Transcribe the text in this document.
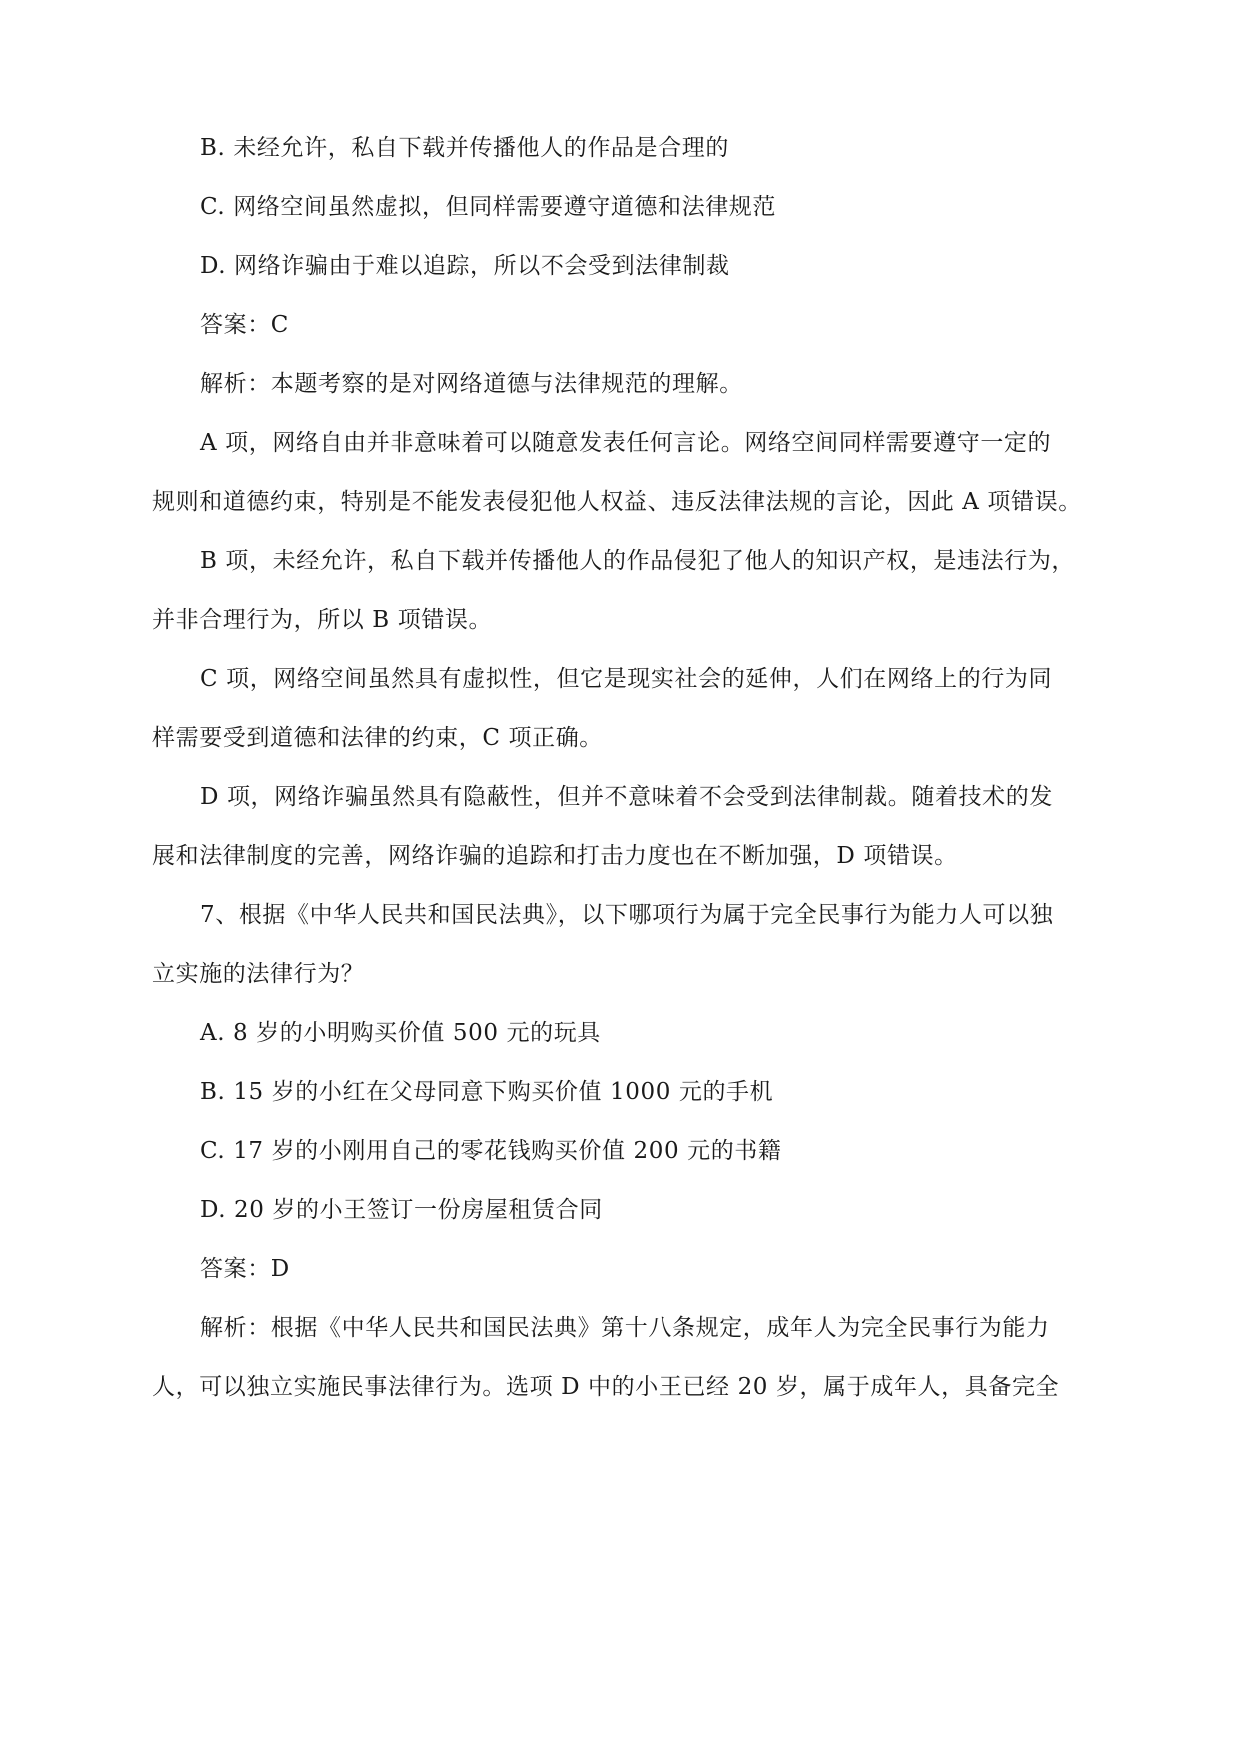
B. 未经允许，私自下载并传播他人的作品是合理的
C. 网络空间虽然虚拟，但同样需要遵守道德和法律规范
D. 网络诈骗由于难以追踪，所以不会受到法律制裁
答案：C
解析：本题考察的是对网络道德与法律规范的理解。
A 项，网络自由并非意味着可以随意发表任何言论。网络空间同样需要遵守一定的
规则和道德约束，特别是不能发表侵犯他人权益、违反法律法规的言论，因此 A 项错误。
B 项，未经允许，私自下载并传播他人的作品侵犯了他人的知识产权，是违法行为，
并非合理行为，所以 B 项错误。
C 项，网络空间虽然具有虚拟性，但它是现实社会的延伸，人们在网络上的行为同
样需要受到道德和法律的约束，C 项正确。
D 项，网络诈骗虽然具有隐蔽性，但并不意味着不会受到法律制裁。随着技术的发
展和法律制度的完善，网络诈骗的追踪和打击力度也在不断加强，D 项错误。
7、根据《中华人民共和国民法典》，以下哪项行为属于完全民事行为能力人可以独
立实施的法律行为？
A. 8 岁的小明购买价值 500 元的玩具
B. 15 岁的小红在父母同意下购买价值 1000 元的手机
C. 17 岁的小刚用自己的零花钱购买价值 200 元的书籍
D. 20 岁的小王签订一份房屋租赁合同
答案：D
解析：根据《中华人民共和国民法典》第十八条规定，成年人为完全民事行为能力
人，可以独立实施民事法律行为。选项 D 中的小王已经 20 岁，属于成年人，具备完全
